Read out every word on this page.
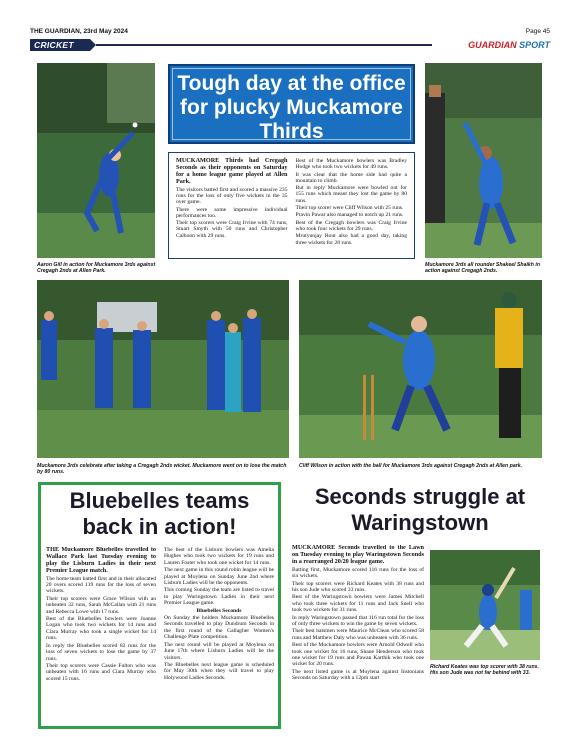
THE GUARDIAN, 23rd May 2024	Page 45
CRICKET	GUARDIAN SPORT
Aaron Gill in action for Muckamore 3rds against Cregagh 2nds at Allen Park.
Tough day at the office for plucky Muckamore Thirds

MUCKAMORE Thirds had Cregagh Seconds as their opponents on Saturday for a home league game played at Allen Park.

The visitors batted first and scored a massive 235 runs for the loss of only five wickets in the 35 over game.

There were some impressive individual performances too.

Their top scorers were Craig Irvine with 74 runs, Stuart Smyth with 50 runs and Christopher Calhoon with 29 runs.

Best of the Muckamore bowlers was Bradley Hodge who took two wickets for 49 runs.

It was clear that the home side had quite a mountain to climb.

But in reply Muckamore were bowled out for 155 runs which meant they lost the game by 80 runs.

Their top scorer were Cliff Wilson with 25 runs.

Pravin Pawar also managed to notch up 21 runs.

Best of the Cregagh bowlers was Craig Irvine who took four wickets for 29 runs.

Mrutyunjay Rout also had a good day, taking three wickets for 28 runs.

Muckamore 3rds all rounder Shakeel Shaikh in action against Cregagh 2nds.
Muckamore 3rds celebrate after taking a Cregagh 2nds wicket. Muckamore went on to lose the match by 80 runs.
Cliff Wilson in action with the ball for Muckamore 3rds against Cregagh 2nds at Allen park.
Bluebelles teams back in action!

THE Muckamore Bluebelles travelled to Wallace Park last Tuesday evening to play the Lisburn Ladies in their next Premier League match.

The home team batted first and in their allocated 20 overs scored 119 runs for the loss of seven wickets.

Their top scorers were Grace Wilson with an unbeaten 32 runs, Sarah McCallan with 21 runs and Rebecca Lowe with 17 runs.

Best of the Bluebelles bowlers were Joanne Logan who took two wickets for 14 runs and Ciara Murray who took a single wicket for 14 runs.

In reply the Bluebelles scored 82 runs for the loss of seven wickets to lose the game by 37 runs.

Their top scorers were Cassie Fulton who was unbeaten with 16 runs and Ciara Murray who scored 15 runs.

The best of the Lisburn bowlers was Amelia Hughes who took two wickets for 19 runs and Lauren Foster who took one wicket for 14 runs.

The next game in this round robin league will be played at Moylena on Sunday June 2nd where Lisburn Ladies will be the opponents.

This coming Sunday the team are listed to travel to play Waringstown Ladies in their next Premier League game.

Bluebelles Seconds

On Sunday the holders Muckamore Bluebelles Seconds travelled to play Dundrum Seconds in the first round of the Gallagher Women's Challenge Plate competition.

The next round will be played at Moylena on June 17th where Lisburn Ladies will be the visitors.

The Bluebelles next league game is scheduled for May 30th when they will travel to play Holywood Ladies Seconds.

Seconds struggle at Waringstown

MUCKAMORE Seconds travelled to the Lawn on Tuesday evening to play Waringstown Seconds in a rearranged 20/20 league game.

Batting first, Muckamore scored 116 runs for the loss of six wickets.

Their top scorers were Richard Keates with 38 runs and his son Jude who scored 33 runs.

Best of the Waringstown bowlers were James Mitchell who took three wickets for 11 runs and Jack Snell who took two wickets for 31 runs.

In reply Waringstown passed that 116 run total for the loss of only three wickets to win the game by seven wickets.

Their best batsmen were Maurice McClean who scored 58 runs and Matthew Daly who was unbeaten with 36 runs.

Best of the Muckamore bowlers were Arnold Odwell who took one wicket for 16 runs, Shane Henderson who took one wicket for 19 runs and Pawan Karthik who took one wicket for 20 runs.

The next listed game is at Moylena against Instonians Seconds on Saturday with a 12pm start

Richard Keates was top scorer with 38 runs. His son Jude was not far behind with 33.
